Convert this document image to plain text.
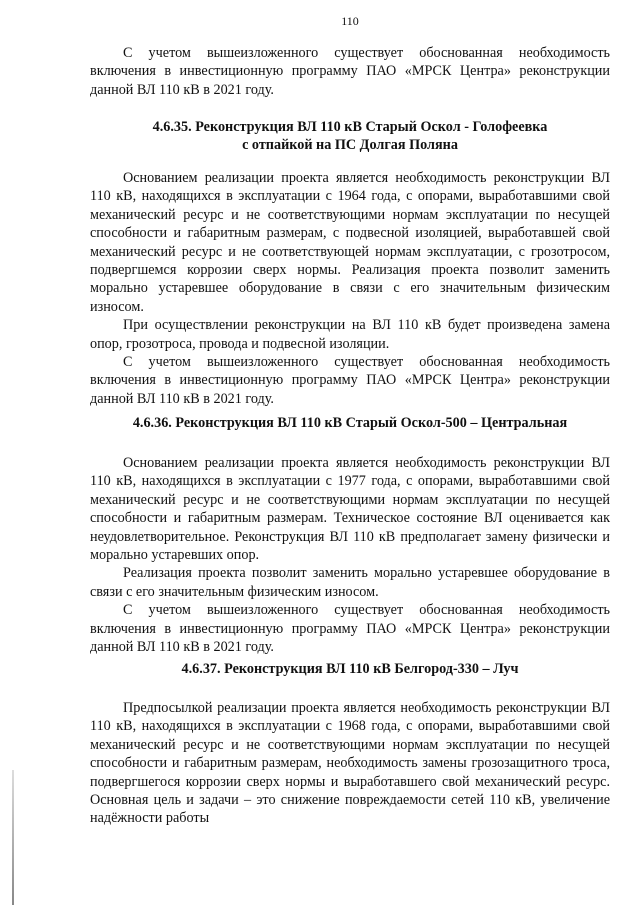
110

С учетом вышеизложенного существует обоснованная необходимость включения в инвестиционную программу ПАО «МРСК Центра» реконструкции данной ВЛ 110 кВ в 2021 году.

4.6.35. Реконструкция ВЛ 110 кВ Старый Оскол - Голофеевка

с отпайкой на ПС Долгая Поляна

Основанием реализации проекта является необходимость реконструкции ВЛ 110 кВ, находящихся в эксплуатации с 1964 года, с опорами, выработавшими свой механический ресурс и не соответствующими нормам эксплуатации по несущей способности и габаритным размерам, с подвесной изоляцией, выработавшей свой механический ресурс и не соответствующей нормам эксплуатации, с грозотросом, подвергшемся коррозии сверх нормы. Реализация проекта позволит заменить морально устаревшее оборудование в связи с его значительным физическим износом.

При осуществлении реконструкции на ВЛ 110 кВ будет произведена замена опор, грозотроса, провода и подвесной изоляции.

С учетом вышеизложенного существует обоснованная необходимость включения в инвестиционную программу ПАО «МРСК Центра» реконструкции данной ВЛ 110 кВ в 2021 году.

4.6.36. Реконструкция ВЛ 110 кВ Старый Оскол-500 – Центральная

Основанием реализации проекта является необходимость реконструкции ВЛ 110 кВ, находящихся в эксплуатации с 1977 года, с опорами, выработавшими свой механический ресурс и не соответствующими нормам эксплуатации по несущей способности и габаритным размерам. Техническое состояние ВЛ оценивается как неудовлетворительное. Реконструкция ВЛ 110 кВ предполагает замену физически и морально устаревших опор.

Реализация проекта позволит заменить морально устаревшее оборудование в связи с его значительным физическим износом.

С учетом вышеизложенного существует обоснованная необходимость включения в инвестиционную программу ПАО «МРСК Центра» реконструкции данной ВЛ 110 кВ в 2021 году.

4.6.37. Реконструкция ВЛ 110 кВ Белгород-330 – Луч

Предпосылкой реализации проекта является необходимость реконструкции ВЛ 110 кВ, находящихся в эксплуатации с 1968 года, с опорами, выработавшими свой механический ресурс и не соответствующими нормам эксплуатации по несущей способности и габаритным размерам, необходимость замены грозозащитного троса, подвергшегося коррозии сверх нормы и выработавшего свой механический ресурс. Основная цель и задачи – это снижение повреждаемости сетей 110 кВ, увеличение надёжности работы
